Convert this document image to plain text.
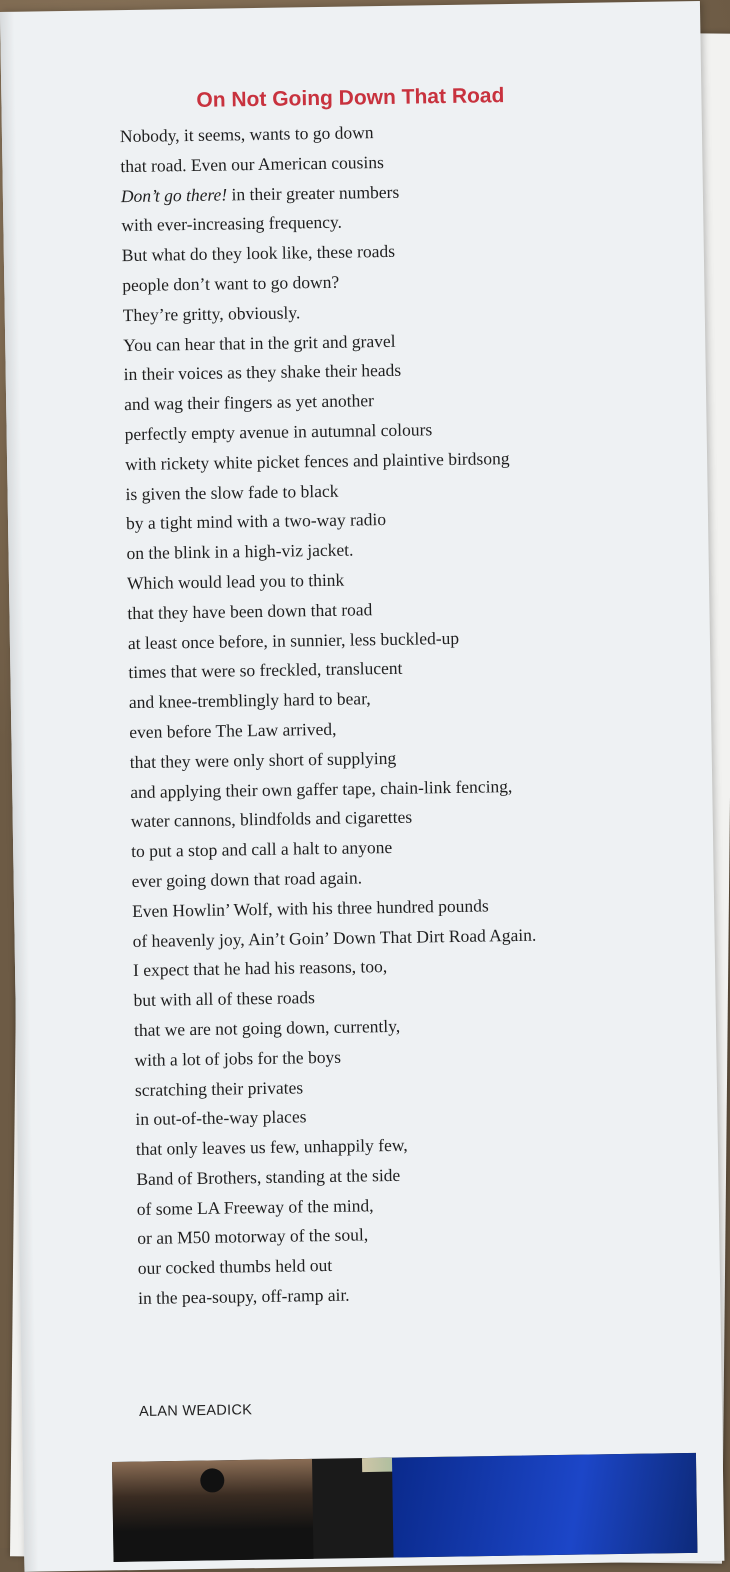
On Not Going Down That Road
Nobody, it seems, wants to go down
that road. Even our American cousins
Don’t go there! in their greater numbers
with ever-increasing frequency.
But what do they look like, these roads
people don’t want to go down?
They’re gritty, obviously.
You can hear that in the grit and gravel
in their voices as they shake their heads
and wag their fingers as yet another
perfectly empty avenue in autumnal colours
with rickety white picket fences and plaintive birdsong
is given the slow fade to black
by a tight mind with a two-way radio
on the blink in a high-viz jacket.
Which would lead you to think
that they have been down that road
at least once before, in sunnier, less buckled-up
times that were so freckled, translucent
and knee-tremblingly hard to bear,
even before The Law arrived,
that they were only short of supplying
and applying their own gaffer tape, chain-link fencing,
water cannons, blindfolds and cigarettes
to put a stop and call a halt to anyone
ever going down that road again.
Even Howlin’ Wolf, with his three hundred pounds
of heavenly joy, Ain’t Goin’ Down That Dirt Road Again.
I expect that he had his reasons, too,
but with all of these roads
that we are not going down, currently,
with a lot of jobs for the boys
scratching their privates
in out-of-the-way places
that only leaves us few, unhappily few,
Band of Brothers, standing at the side
of some LA Freeway of the mind,
or an M50 motorway of the soul,
our cocked thumbs held out
in the pea-soupy, off-ramp air.
ALAN WEADICK
